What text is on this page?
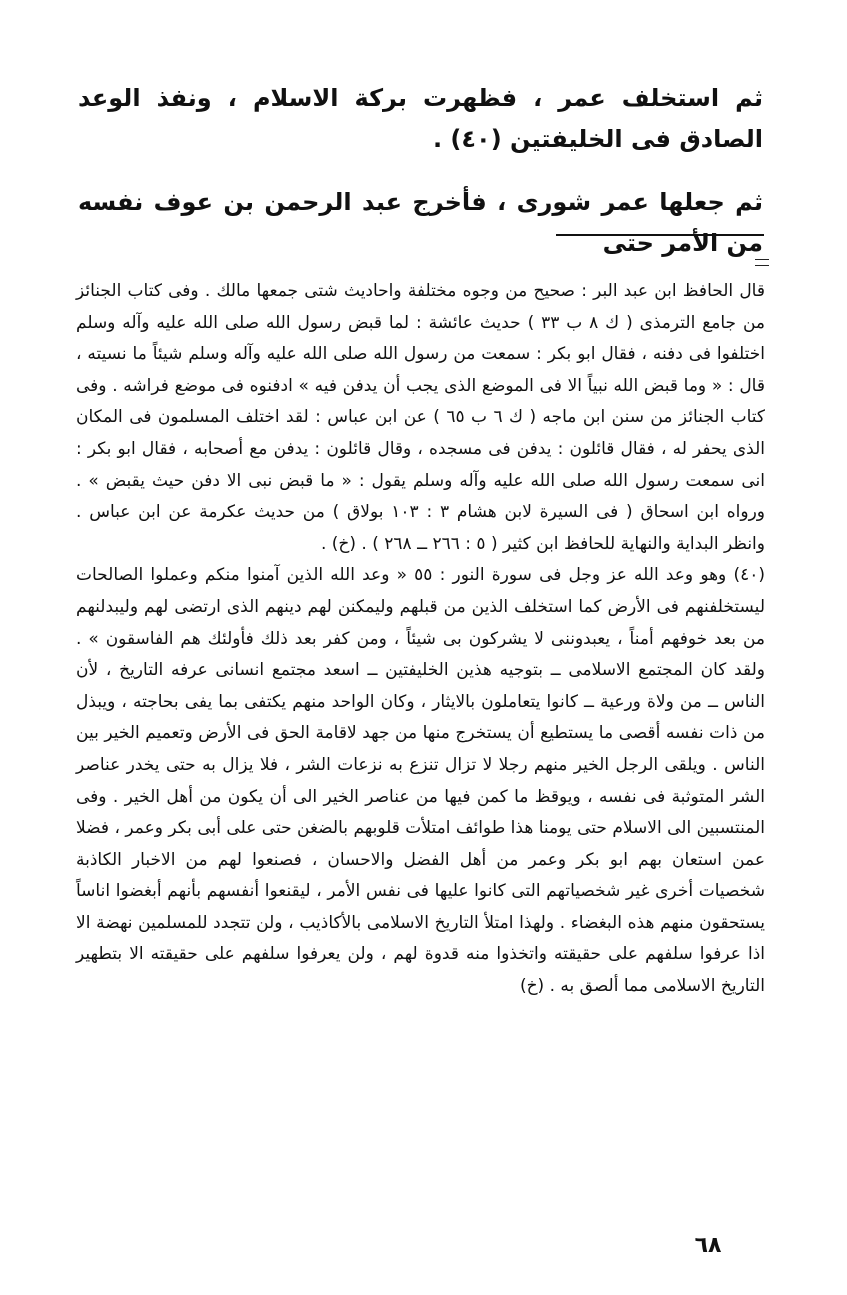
ثم استخلف عمر ، فظهرت بركة الاسلام ، ونفذ الوعد الصادق فى الخليفتين (٤٠) .

ثم جعلها عمر شورى ، فأخرج عبد الرحمن بن عوف نفسه من الأمر حتى

قال الحافظ ابن عبد البر : صحيح من وجوه مختلفة واحاديث شتى جمعها مالك . وفى كتاب الجنائز من جامع الترمذى ( ك ٨ ب ٣٣ ) حديث عائشة : لما قبض رسول الله صلى الله عليه وآله وسلم اختلفوا فى دفنه ، فقال ابو بكر : سمعت من رسول الله صلى الله عليه وآله وسلم شيئاً ما نسيته ، قال : « وما قبض الله نبياً الا فى الموضع الذى يجب أن يدفن فيه » ادفنوه فى موضع فراشه . وفى كتاب الجنائز من سنن ابن ماجه ( ك ٦ ب ٦٥ ) عن ابن عباس : لقد اختلف المسلمون فى المكان الذى يحفر له ، فقال قائلون : يدفن فى مسجده ، وقال قائلون : يدفن مع أصحابه ، فقال ابو بكر : انى سمعت رسول الله صلى الله عليه وآله وسلم يقول : « ما قبض نبى الا دفن حيث يقبض » . ورواه ابن اسحاق ( فى السيرة لابن هشام ٣ : ١٠٣ بولاق ) من حديث عكرمة عن ابن عباس . وانظر البداية والنهاية للحافظ ابن كثير ( ٥ : ٢٦٦ ــ ٢٦٨ ) . (خ) .

(٤٠) وهو وعد الله عز وجل فى سورة النور : ٥٥ « وعد الله الذين آمنوا منكم وعملوا الصالحات ليستخلفنهم فى الأرض كما استخلف الذين من قبلهم وليمكنن لهم دينهم الذى ارتضى لهم وليبدلنهم من بعد خوفهم أمناً ، يعبدوننى لا يشركون بى شيئاً ، ومن كفر بعد ذلك فأولئك هم الفاسقون » . ولقد كان المجتمع الاسلامى ــ بتوجيه هذين الخليفتين ــ اسعد مجتمع انسانى عرفه التاريخ ، لأن الناس ــ من ولاة ورعية ــ كانوا يتعاملون بالايثار ، وكان الواحد منهم يكتفى بما يفى بحاجته ، ويبذل من ذات نفسه أقصى ما يستطيع أن يستخرج منها من جهد لاقامة الحق فى الأرض وتعميم الخير بين الناس . ويلقى الرجل الخير منهم رجلا لا تزال تنزع به نزعات الشر ، فلا يزال به حتى يخدر عناصر الشر المتوثبة فى نفسه ، ويوقظ ما كمن فيها من عناصر الخير الى أن يكون من أهل الخير . وفى المنتسبين الى الاسلام حتى يومنا هذا طوائف امتلأت قلوبهم بالضغن حتى على أبى بكر وعمر ، فضلا عمن استعان بهم ابو بكر وعمر من أهل الفضل والاحسان ، فصنعوا لهم من الاخبار الكاذبة شخصيات أخرى غير شخصياتهم التى كانوا عليها فى نفس الأمر ، ليقنعوا أنفسهم بأنهم أبغضوا اناساً يستحقون منهم هذه البغضاء . ولهذا امتلأ التاريخ الاسلامى بالأكاذيب ، ولن تتجدد للمسلمين نهضة الا اذا عرفوا سلفهم على حقيقته واتخذوا منه قدوة لهم ، ولن يعرفوا سلفهم على حقيقته الا بتطهير التاريخ الاسلامى مما ألصق به . (خ)

٦٨
